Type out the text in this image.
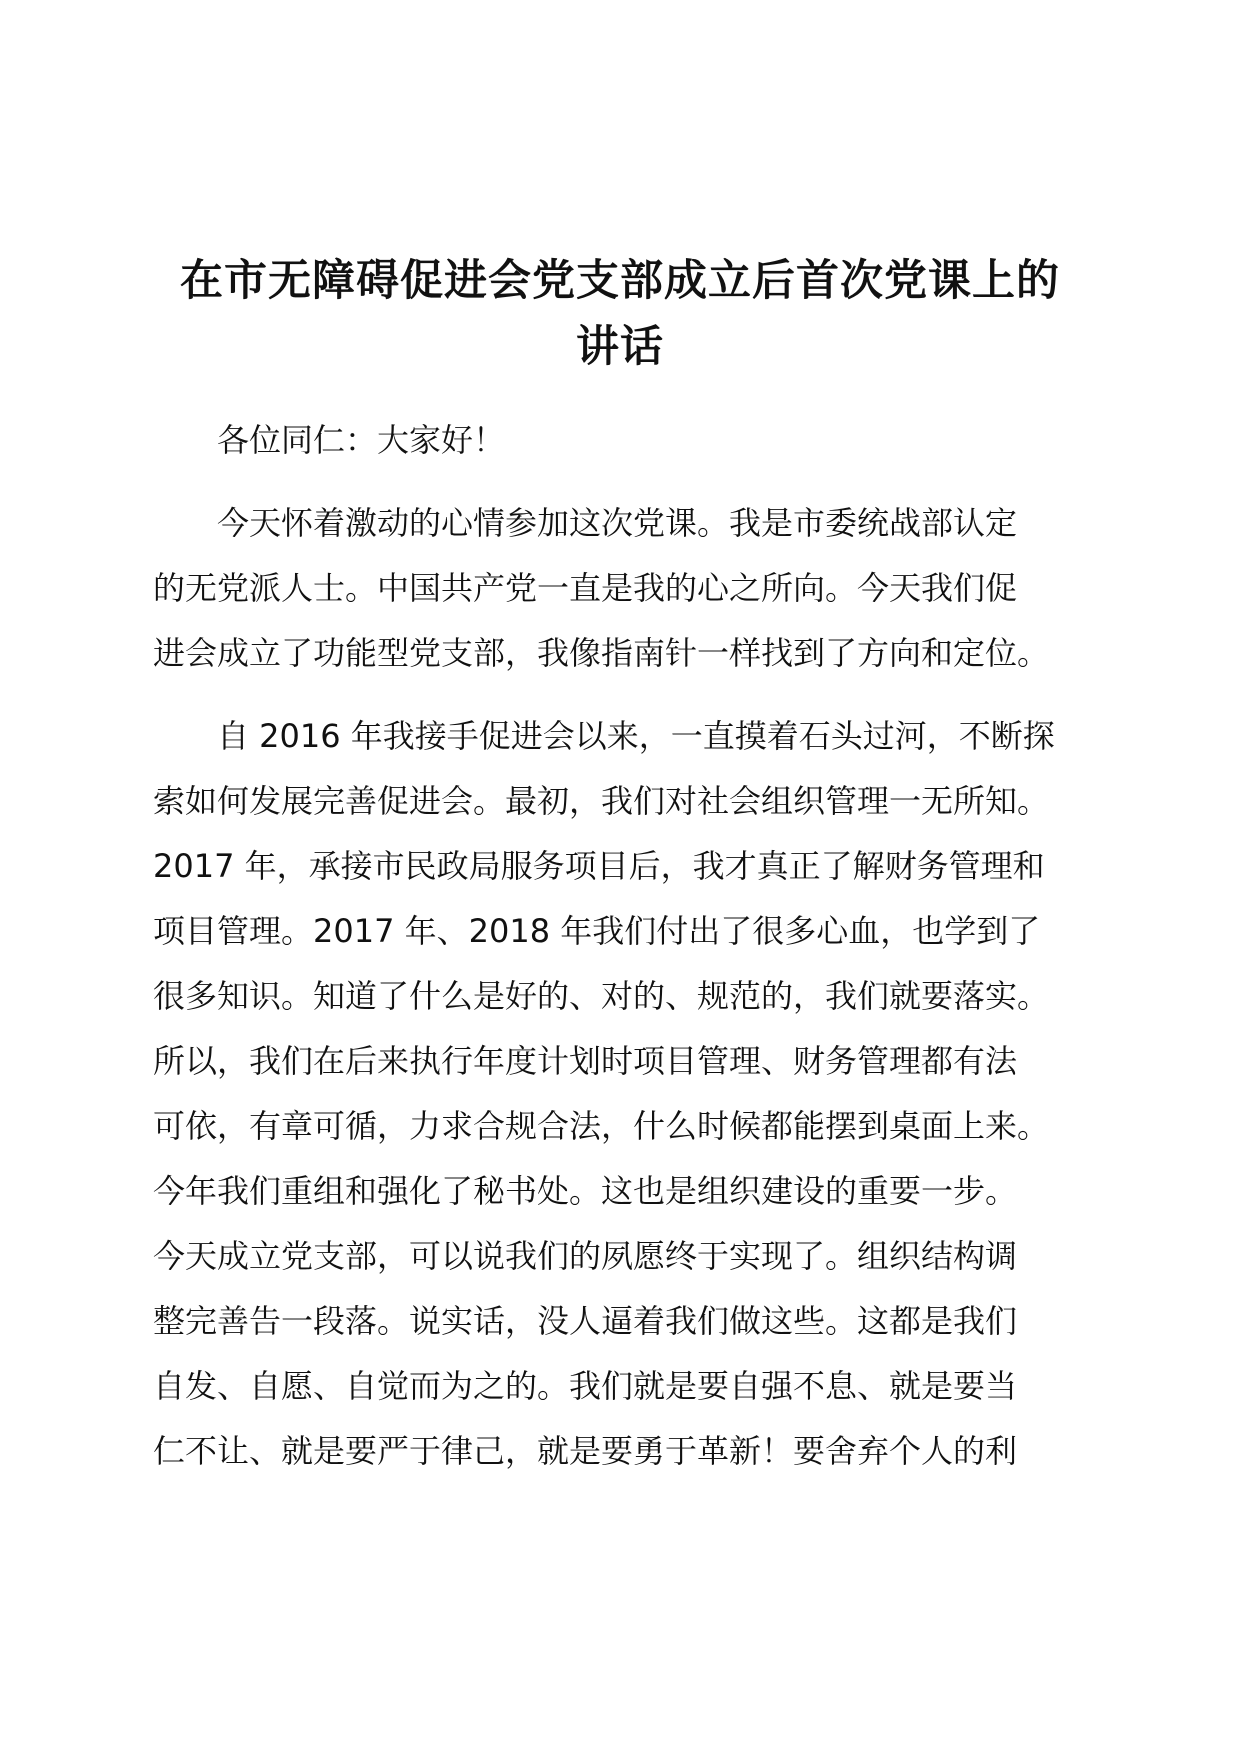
在市无障碍促进会党支部成立后首次党课上的
讲话

各位同仁：大家好！

今天怀着激动的心情参加这次党课。我是市委统战部认定
的无党派人士。中国共产党一直是我的心之所向。今天我们促
进会成立了功能型党支部，我像指南针一样找到了方向和定位。

自 2016 年我接手促进会以来，一直摸着石头过河，不断探
索如何发展完善促进会。最初，我们对社会组织管理一无所知。
2017 年，承接市民政局服务项目后，我才真正了解财务管理和
项目管理。2017 年、2018 年我们付出了很多心血，也学到了
很多知识。知道了什么是好的、对的、规范的，我们就要落实。
所以，我们在后来执行年度计划时项目管理、财务管理都有法
可依，有章可循，力求合规合法，什么时候都能摆到桌面上来。
今年我们重组和强化了秘书处。这也是组织建设的重要一步。
今天成立党支部，可以说我们的夙愿终于实现了。组织结构调
整完善告一段落。说实话，没人逼着我们做这些。这都是我们
自发、自愿、自觉而为之的。我们就是要自强不息、就是要当
仁不让、就是要严于律己，就是要勇于革新！要舍弃个人的利
